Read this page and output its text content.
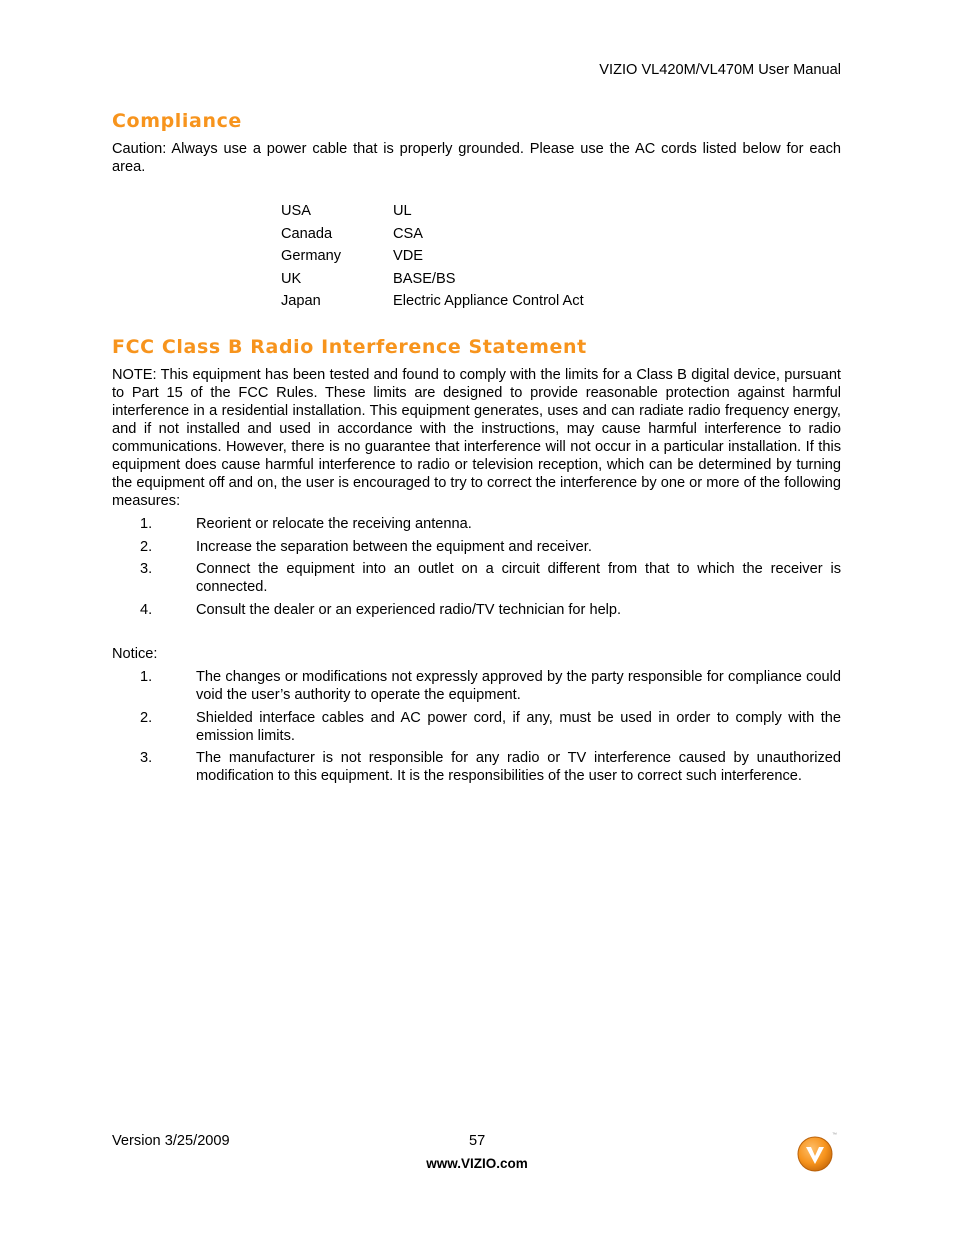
VIZIO VL420M/VL470M User Manual
Compliance
Caution: Always use a power cable that is properly grounded. Please use the AC cords listed below for each area.
USA	UL
Canada	CSA
Germany	VDE
UK	BASE/BS
Japan	Electric Appliance Control Act
FCC Class B Radio Interference Statement
NOTE: This equipment has been tested and found to comply with the limits for a Class B digital device, pursuant to Part 15 of the FCC Rules. These limits are designed to provide reasonable protection against harmful interference in a residential installation. This equipment generates, uses and can radiate radio frequency energy, and if not installed and used in accordance with the instructions, may cause harmful interference to radio communications. However, there is no guarantee that interference will not occur in a particular installation. If this equipment does cause harmful interference to radio or television reception, which can be determined by turning the equipment off and on, the user is encouraged to try to correct the interference by one or more of the following measures:
1.	Reorient or relocate the receiving antenna.
2.	Increase the separation between the equipment and receiver.
3.	Connect the equipment into an outlet on a circuit different from that to which the receiver is connected.
4.	Consult the dealer or an experienced radio/TV technician for help.
Notice:
1.	The changes or modifications not expressly approved by the party responsible for compliance could void the user’s authority to operate the equipment.
2.	Shielded interface cables and AC power cord, if any, must be used in order to comply with the emission limits.
3.	The manufacturer is not responsible for any radio or TV interference caused by unauthorized modification to this equipment. It is the responsibilities of the user to correct such interference.
Version 3/25/2009	57
www.VIZIO.com
™
